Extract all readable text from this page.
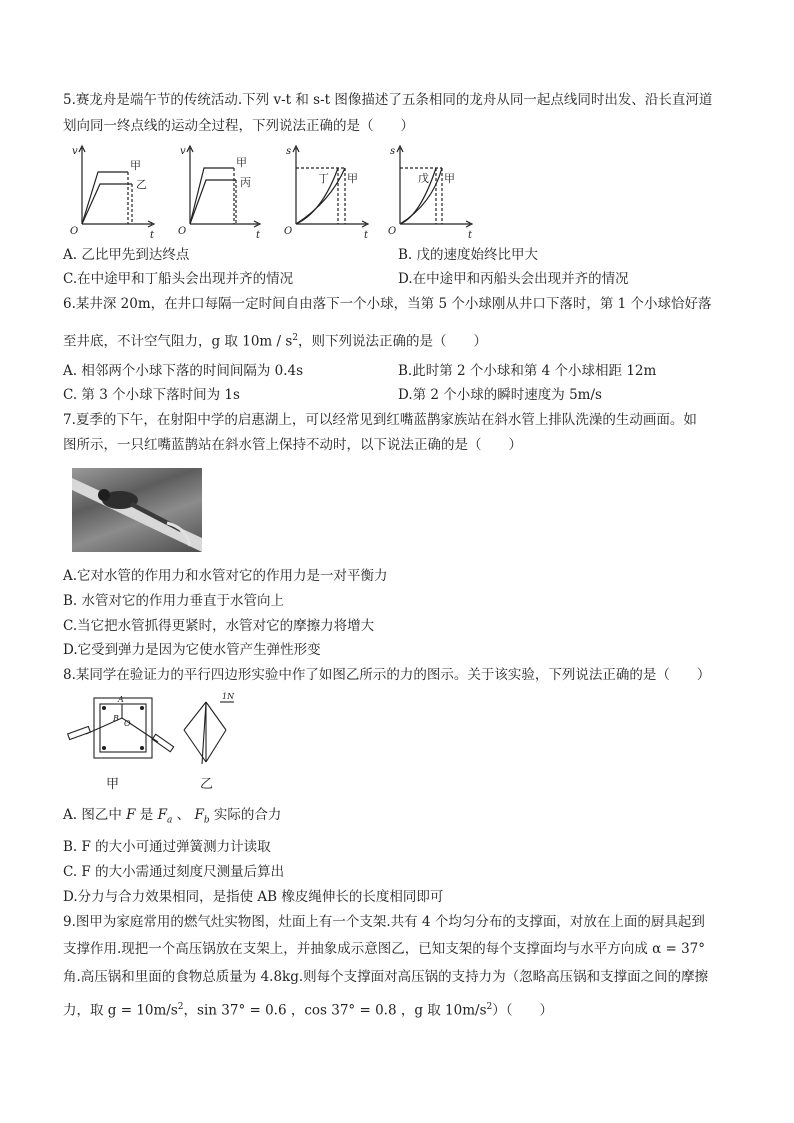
5.赛龙舟是端午节的传统活动.下列 v-t 和 s-t 图像描述了五条相同的龙舟从同一起点线同时出发、沿长直河道
划向同一终点线的运动全过程，下列说法正确的是（　　）
v
t
O
v
t
O
s
t
O
s
t
O
甲
乙
甲
丙	丁 甲	戊 甲
A. 乙比甲先到达终点	B. 戊的速度始终比甲大
C.在中途甲和丁船头会出现并齐的情况	D.在中途甲和丙船头会出现并齐的情况
6.某井深 20m，在井口每隔一定时间自由落下一个小球，当第 5 个小球刚从井口下落时，第 1 个小球恰好落
至井底，不计空气阻力，g 取 $10m / s^2$，则下列说法正确的是（　　）
A. 相邻两个小球下落的时间间隔为 0.4s	B.此时第 2 个小球和第 4 个小球相距 12m
C. 第 3 个小球下落时间为 1s	D.第 2 个小球的瞬时速度为 5m/s
7.夏季的下午，在射阳中学的启惠湖上，可以经常见到红嘴蓝鹊家族站在斜水管上排队洗澡的生动画面。如
图所示，一只红嘴蓝鹊站在斜水管上保持不动时，以下说法正确的是（　　）
A.它对水管的作用力和水管对它的作用力是一对平衡力
B. 水管对它的作用力垂直于水管向上
C.当它把水管抓得更紧时，水管对它的摩擦力将增大
D.它受到弹力是因为它使水管产生弹性形变
8.某同学在验证力的平行四边形实验中作了如图乙所示的力的图示。关于该实验，下列说法正确的是（　　）
A
B
O
1N
甲	乙
A. 图乙中 F 是 $F_a$ 、 $F_b$ 实际的合力
B. F 的大小可通过弹簧测力计读取
C. F 的大小需通过刻度尺测量后算出
D.分力与合力效果相同，是指使 AB 橡皮绳伸长的长度相同即可
9.图甲为家庭常用的燃气灶实物图，灶面上有一个支架.共有 4 个均匀分布的支撑面，对放在上面的厨具起到
支撑作用.现把一个高压锅放在支架上，并抽象成示意图乙，已知支架的每个支撑面均与水平方向成 α = 37°
角.高压锅和里面的食物总质量为 4.8kg.则每个支撑面对高压锅的支持力为（忽略高压锅和支撑面之间的摩擦
力，取 $g = 10m/s^2$，sin 37° = 0.6 ，cos 37° = 0.8 ，g 取 $10m/s^2$）（　　）
